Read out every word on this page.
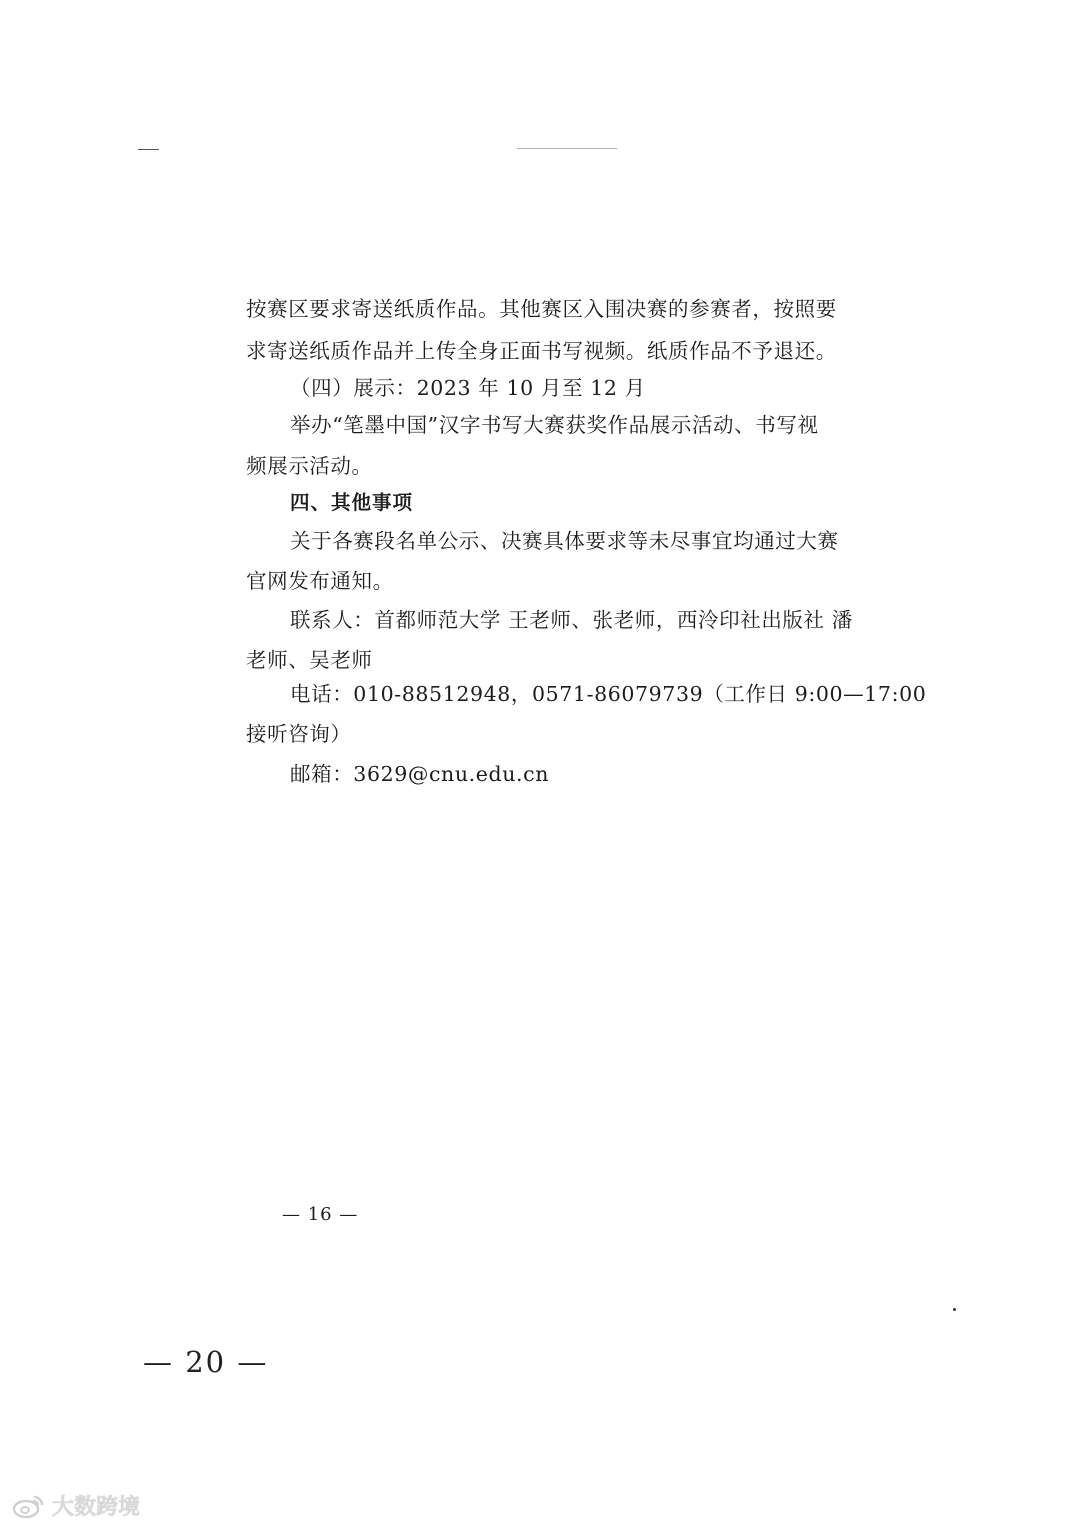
按赛区要求寄送纸质作品。其他赛区入围决赛的参赛者，按照要
求寄送纸质作品并上传全身正面书写视频。纸质作品不予退还。
（四）展示：2023 年 10 月至 12 月
举办“笔墨中国”汉字书写大赛获奖作品展示活动、书写视
频展示活动。
四、其他事项
关于各赛段名单公示、决赛具体要求等未尽事宜均通过大赛
官网发布通知。
联系人：首都师范大学 王老师、张老师，西泠印社出版社 潘
老师、吴老师
电话：010-88512948，0571-86079739（工作日 9:00—17:00
接听咨询）
邮箱：3629@cnu.edu.cn
— 16 —
— 20 —
大数跨境
